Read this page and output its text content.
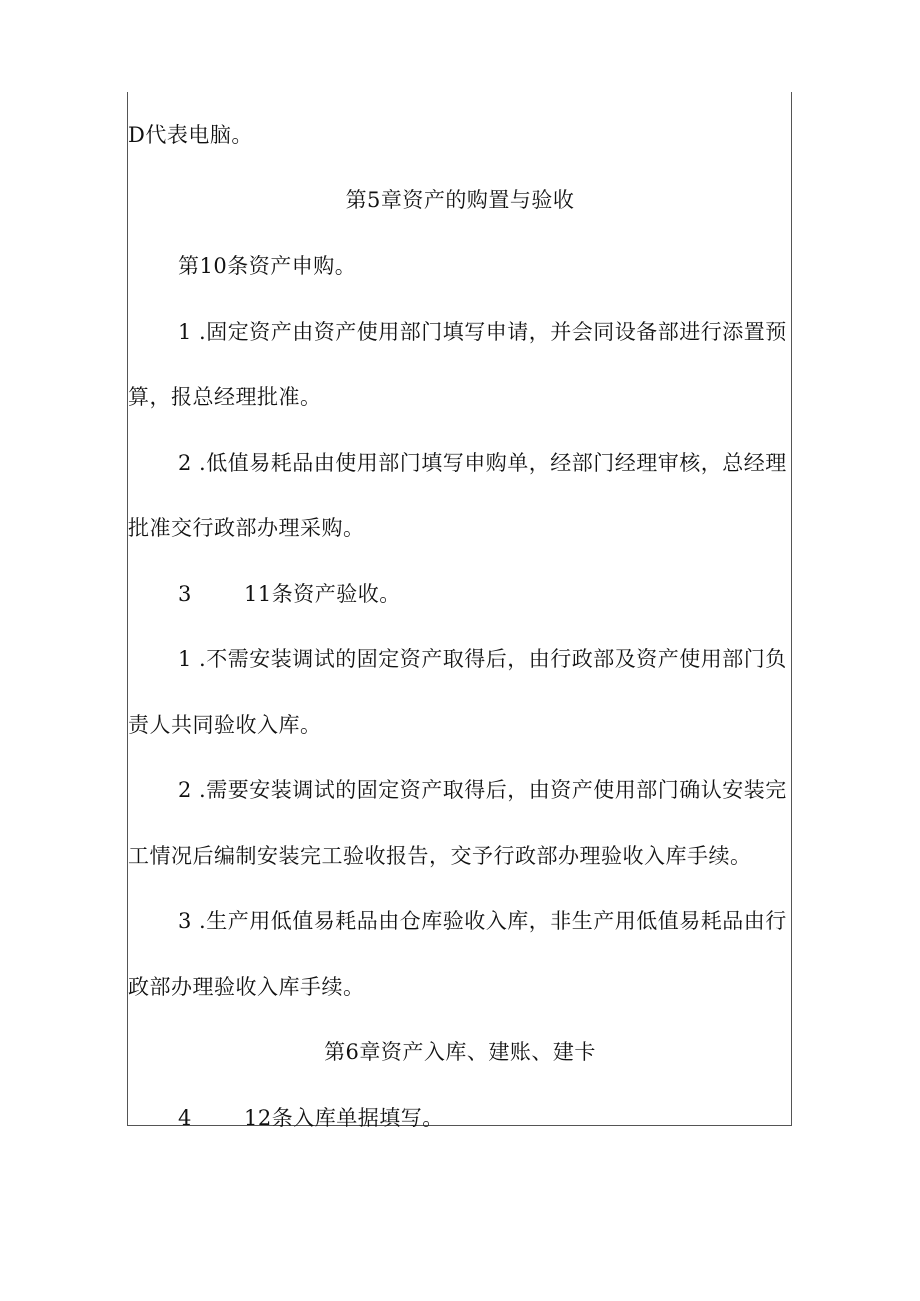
D代表电脑。
第5章资产的购置与验收
第10条资产申购。
1 .固定资产由资产使用部门填写申请，并会同设备部进行添置预
算，报总经理批准。
2 .低值易耗品由使用部门填写申购单，经部门经理审核，总经理
批准交行政部办理采购。
3 11条资产验收。
1 .不需安装调试的固定资产取得后，由行政部及资产使用部门负
责人共同验收入库。
2 .需要安装调试的固定资产取得后，由资产使用部门确认安装完
工情况后编制安装完工验收报告，交予行政部办理验收入库手续。
3 .生产用低值易耗品由仓库验收入库，非生产用低值易耗品由行
政部办理验收入库手续。
第6章资产入库、建账、建卡
4 12条入库单据填写。
